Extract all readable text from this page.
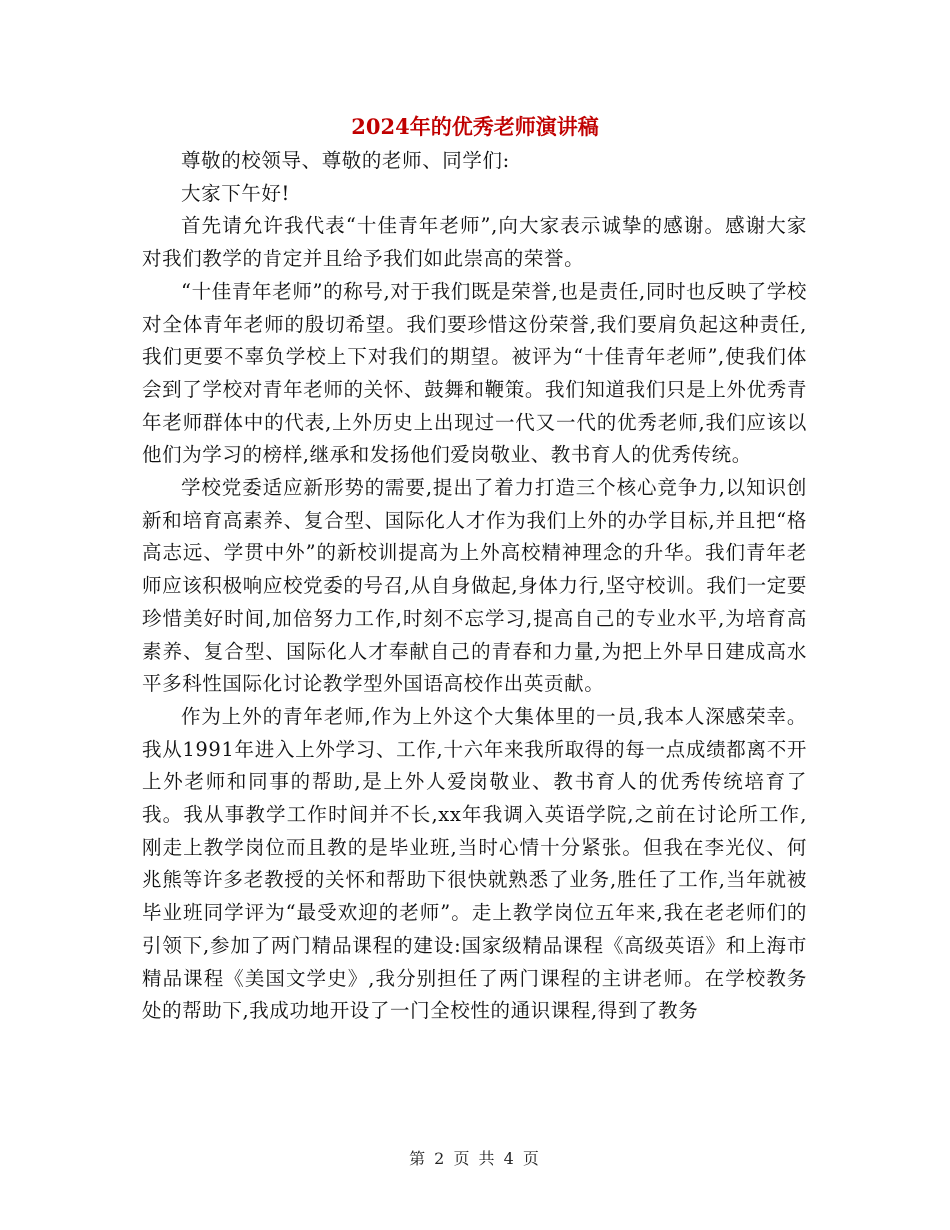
2024年的优秀老师演讲稿

尊敬的校领导、尊敬的老师、同学们:

大家下午好!

首先请允许我代表“十佳青年老师”,向大家表示诚挚的感谢。感谢大家对我们教学的肯定并且给予我们如此崇高的荣誉。

“十佳青年老师”的称号,对于我们既是荣誉,也是责任,同时也反映了学校对全体青年老师的殷切希望。我们要珍惜这份荣誉,我们要肩负起这种责任,我们更要不辜负学校上下对我们的期望。被评为“十佳青年老师”,使我们体会到了学校对青年老师的关怀、鼓舞和鞭策。我们知道我们只是上外优秀青年老师群体中的代表,上外历史上出现过一代又一代的优秀老师,我们应该以他们为学习的榜样,继承和发扬他们爱岗敬业、教书育人的优秀传统。

学校党委适应新形势的需要,提出了着力打造三个核心竞争力,以知识创新和培育高素养、复合型、国际化人才作为我们上外的办学目标,并且把“格高志远、学贯中外”的新校训提高为上外高校精神理念的升华。我们青年老师应该积极响应校党委的号召,从自身做起,身体力行,坚守校训。我们一定要珍惜美好时间,加倍努力工作,时刻不忘学习,提高自己的专业水平,为培育高素养、复合型、国际化人才奉献自己的青春和力量,为把上外早日建成高水平多科性国际化讨论教学型外国语高校作出英贡献。

作为上外的青年老师,作为上外这个大集体里的一员,我本人深感荣幸。我从1991年进入上外学习、工作,十六年来我所取得的每一点成绩都离不开上外老师和同事的帮助,是上外人爱岗敬业、教书育人的优秀传统培育了我。我从事教学工作时间并不长,xx年我调入英语学院,之前在讨论所工作,刚走上教学岗位而且教的是毕业班,当时心情十分紧张。但我在李光仪、何兆熊等许多老教授的关怀和帮助下很快就熟悉了业务,胜任了工作,当年就被毕业班同学评为“最受欢迎的老师”。走上教学岗位五年来,我在老老师们的引领下,参加了两门精品课程的建设:国家级精品课程《高级英语》和上海市精品课程《美国文学史》,我分别担任了两门课程的主讲老师。在学校教务处的帮助下,我成功地开设了一门全校性的通识课程,得到了教务

第 2 页 共 4 页
